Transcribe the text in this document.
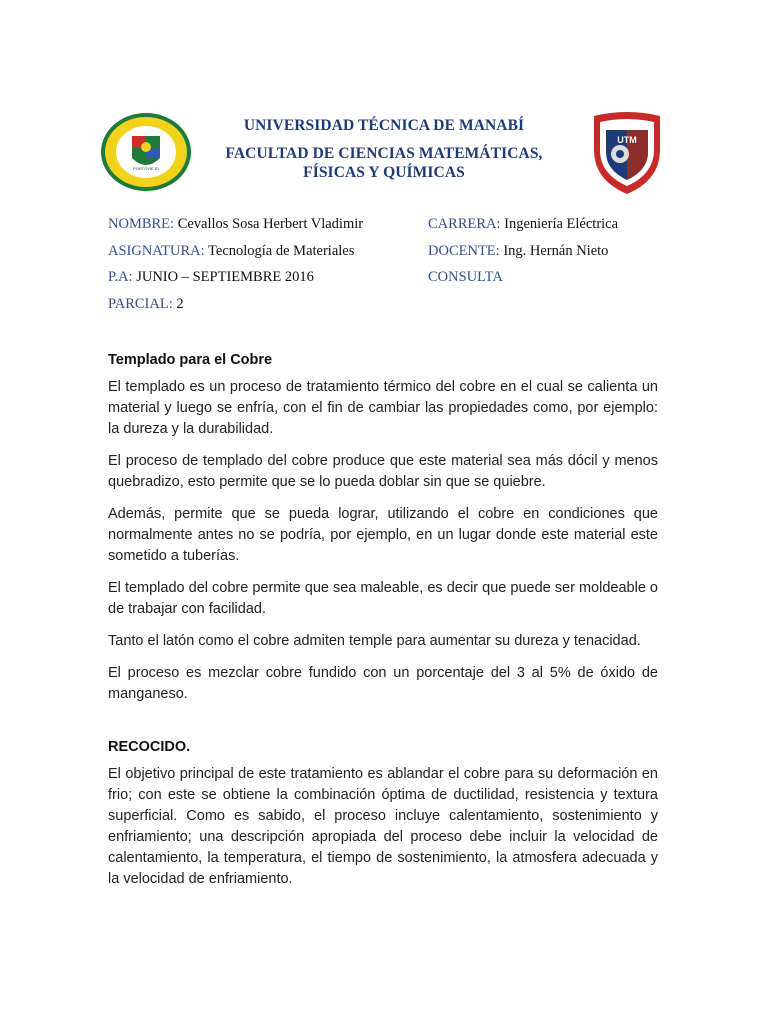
PORTOVIEJO
UNIVERSIDAD TÉCNICA DE MANABÍ
FACULTAD DE CIENCIAS MATEMÁTICAS,
FÍSICAS Y QUÍMICAS
UTM
NOMBRE: Cevallos Sosa Herbert Vladimir	CARRERA: Ingeniería Eléctrica
ASIGNATURA: Tecnología de Materiales	DOCENTE: Ing. Hernán Nieto
P.A: JUNIO – SEPTIEMBRE 2016	CONSULTA
PARCIAL: 2
Templado para el Cobre

El templado es un proceso de tratamiento térmico del cobre en el cual se calienta un material y luego se enfría, con el fin de cambiar las propiedades como, por ejemplo: la dureza y la durabilidad.

El proceso de templado del cobre produce que este material sea más dócil y menos quebradizo, esto permite que se lo pueda doblar sin que se quiebre.

Además, permite que se pueda lograr, utilizando el cobre en condiciones que normalmente antes no se podría, por ejemplo, en un lugar donde este material este sometido a tuberías.

El templado del cobre permite que sea maleable, es decir que puede ser moldeable o de trabajar con facilidad.

Tanto el latón como el cobre admiten temple para aumentar su dureza y tenacidad.

El proceso es mezclar cobre fundido con un porcentaje del 3 al 5% de óxido de manganeso.

RECOCIDO.

El objetivo principal de este tratamiento es ablandar el cobre para su deformación en frio; con este se obtiene la combinación óptima de ductilidad, resistencia y textura superficial. Como es sabido, el proceso incluye calentamiento, sostenimiento y enfriamiento; una descripción apropiada del proceso debe incluir la velocidad de calentamiento, la temperatura, el tiempo de sostenimiento, la atmosfera adecuada y la velocidad de enfriamiento.
